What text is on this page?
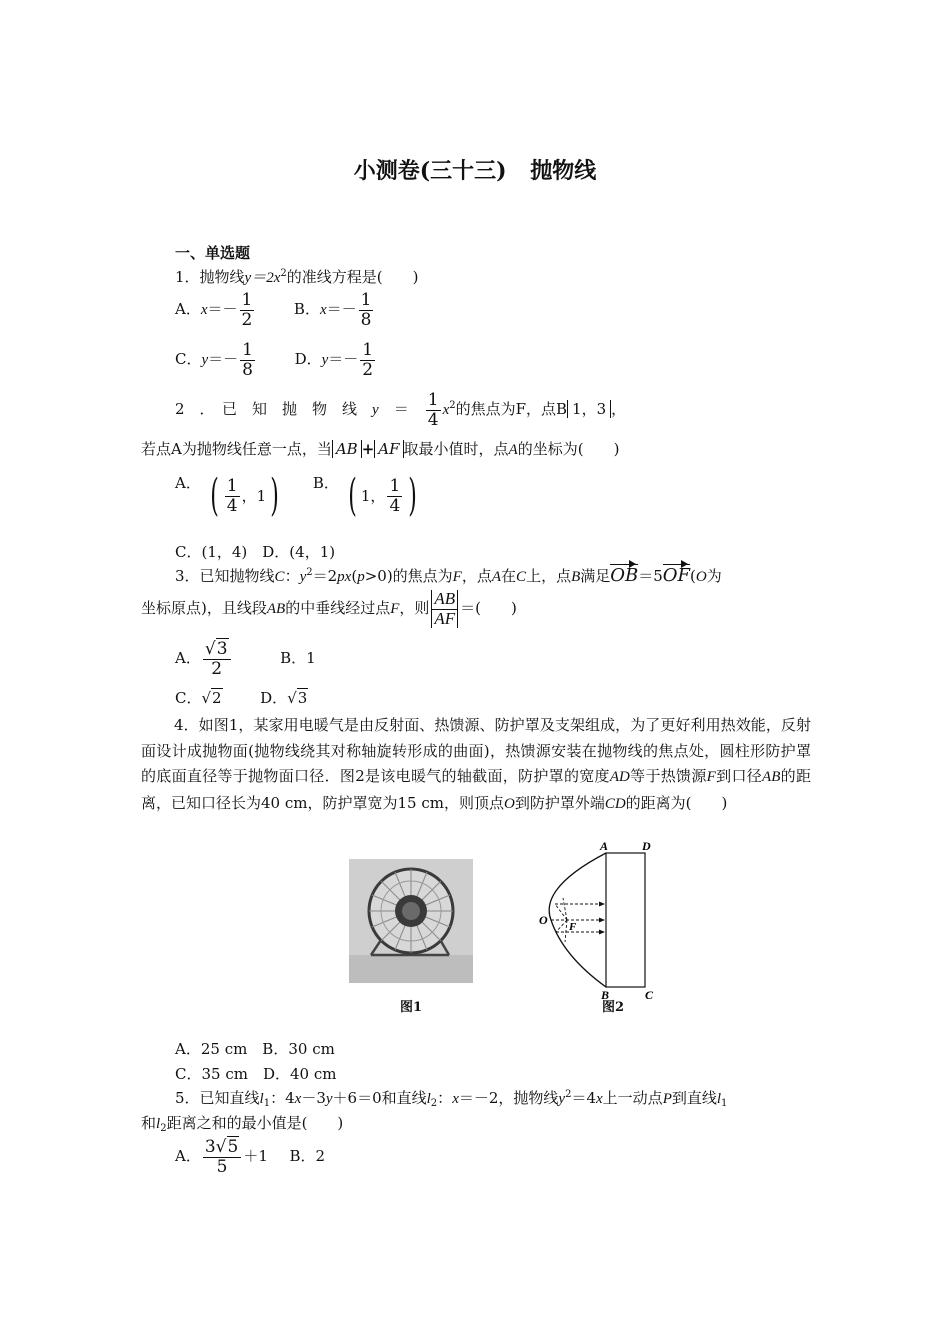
小测卷(三十三) 抛物线
一、单选题
1．抛物线$y=2x^2$的准线方程是(　　)
A．$x=- \frac{1}{2}$	B．$x=- \frac{1}{8}$
C．$y=- \frac{1}{8}$	D．$y=- \frac{1}{2}$
2　．　已　知　抛　物　线　y　＝　 $\frac{1}{4} x^2$的焦点为F，点B 1，3 ，
若点A为抛物线任意一点，当 AB + AF 取最小值时，点A的坐标为(　　)
A． ( $\frac{1}{4}$ ，1) B． ( 1， $\frac{1}{4}$ )
C．(1，4)　D．(4，1)
3．已知抛物线C：$y^2=2px(p>0)$的焦点为F，点A在C上，点B满足OB＝5OF(O为
坐标原点)，且线段AB的中垂线经过点F，则 $\frac{AB}{AF}$ ＝(　　)
A． $\frac{√3}{2}$	B．1
C．√2	D．√3
4．如图1，某家用电暖气是由反射面、热馈源、防护罩及支架组成，为了更好利用热效能，反射面设计成抛物面(抛物线绕其对称轴旋转形成的曲面)，热馈源安装在抛物线的焦点处，圆柱形防护罩的底面直径等于抛物面口径．图2是该电暖气的轴截面，防护罩的宽度AD等于热馈源F到口径AB的距离，已知口径长为40 cm，防护罩宽为15 cm，则顶点O到防护罩外端CD的距离为(　　)
图1
A	D
O F
B	C
图2
A．25 cm　B．30 cm
C．35 cm　D．40 cm
5．已知直线$l_1$：4x－3y＋6＝0和直线$l_2$：x＝－2，抛物线$y^2=4x$上一动点P到直线$l_1$
和$l_2$距离之和的最小值是(　　)
A． $\frac{3√5}{5} +1$ B．2
